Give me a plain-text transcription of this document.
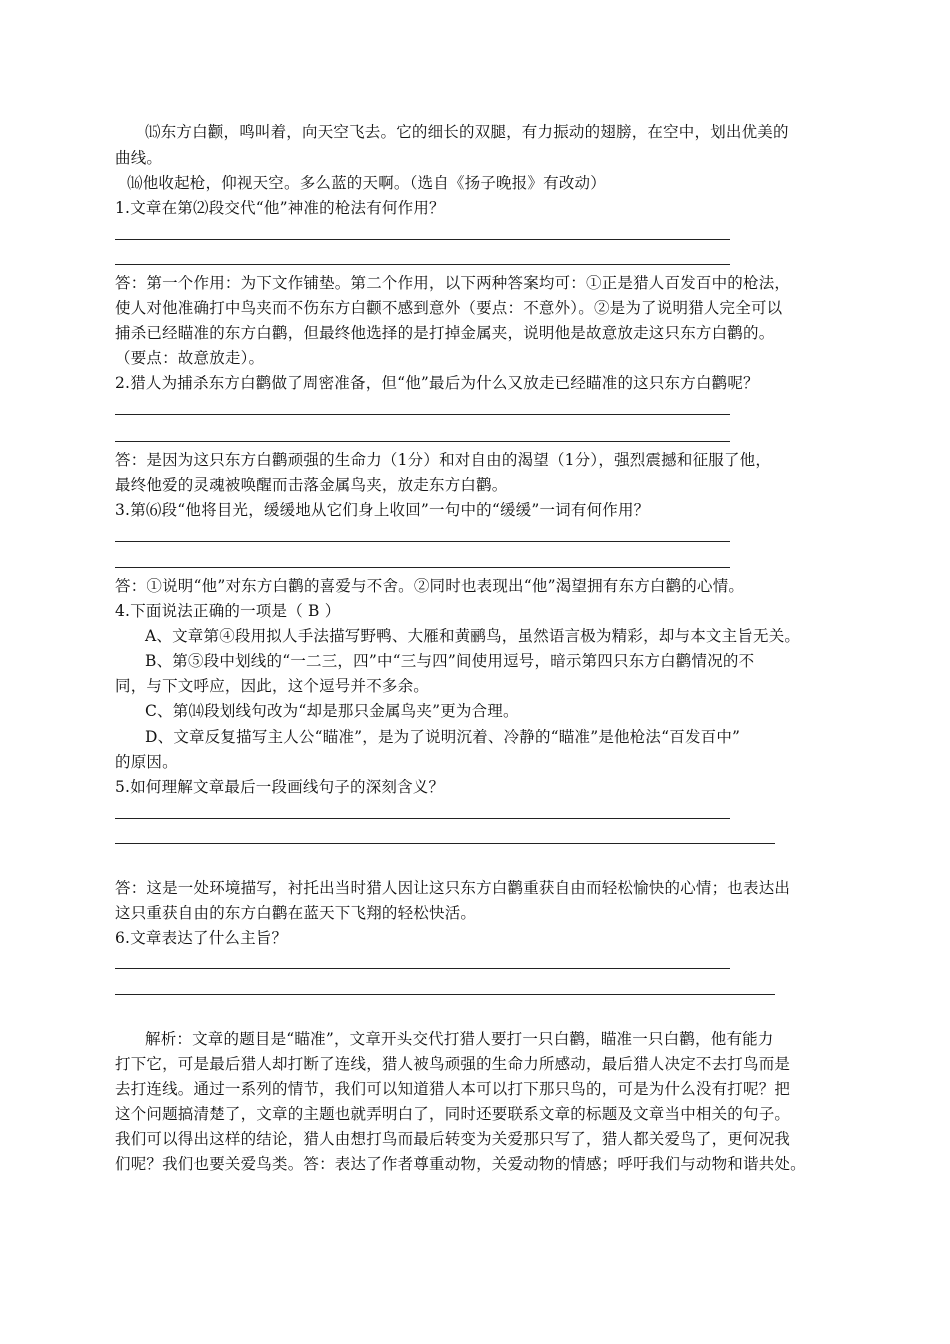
⒂东方白颧，鸣叫着，向天空飞去。它的细长的双腿，有力振动的翅膀，在空中，划出优美的
曲线。
⒃他收起枪，仰视天空。多么蓝的天啊。（选自《扬子晚报》有改动）
1.文章在第⑵段交代“他”神准的枪法有何作用？
答：第一个作用：为下文作铺垫。第二个作用，以下两种答案均可：①正是猎人百发百中的枪法，
使人对他准确打中鸟夹而不伤东方白颧不感到意外（要点：不意外）。②是为了说明猎人完全可以
捕杀已经瞄准的东方白鹳，但最终他选择的是打掉金属夹，说明他是故意放走这只东方白鹳的。
（要点：故意放走）。
2.猎人为捕杀东方白鹳做了周密准备，但“他”最后为什么又放走已经瞄准的这只东方白鹳呢？
答：是因为这只东方白鹳顽强的生命力（1分）和对自由的渴望（1分），强烈震撼和征服了他，
最终他爱的灵魂被唤醒而击落金属鸟夹，放走东方白鹳。
3.第⑹段“他将目光，缓缓地从它们身上收回”一句中的“缓缓”一词有何作用？
答：①说明“他”对东方白鹳的喜爱与不舍。②同时也表现出“他”渴望拥有东方白鹳的心情。
4.下面说法正确的一项是（ B ）
A、文章第④段用拟人手法描写野鸭、大雁和黄鹂鸟，虽然语言极为精彩，却与本文主旨无关。
B、第⑤段中划线的“一二三，四”中“三与四”间使用逗号，暗示第四只东方白鹳情况的不
同，与下文呼应，因此，这个逗号并不多余。
C、第⒁段划线句改为“却是那只金属鸟夹”更为合理。
D、文章反复描写主人公“瞄准”，是为了说明沉着、冷静的“瞄准”是他枪法“百发百中”
的原因。
5.如何理解文章最后一段画线句子的深刻含义？
答：这是一处环境描写，衬托出当时猎人因让这只东方白鹳重获自由而轻松愉快的心情；也表达出
这只重获自由的东方白鹳在蓝天下飞翔的轻松快活。
6.文章表达了什么主旨？
解析：文章的题目是“瞄准”，文章开头交代打猎人要打一只白鹳，瞄准一只白鹳，他有能力
打下它，可是最后猎人却打断了连线，猎人被鸟顽强的生命力所感动，最后猎人决定不去打鸟而是
去打连线。通过一系列的情节，我们可以知道猎人本可以打下那只鸟的，可是为什么没有打呢？把
这个问题搞清楚了，文章的主题也就弄明白了，同时还要联系文章的标题及文章当中相关的句子。
我们可以得出这样的结论，猎人由想打鸟而最后转变为关爱那只写了，猎人都关爱鸟了，更何况我
们呢？我们也要关爱鸟类。答：表达了作者尊重动物，关爱动物的情感；呼吁我们与动物和谐共处。
